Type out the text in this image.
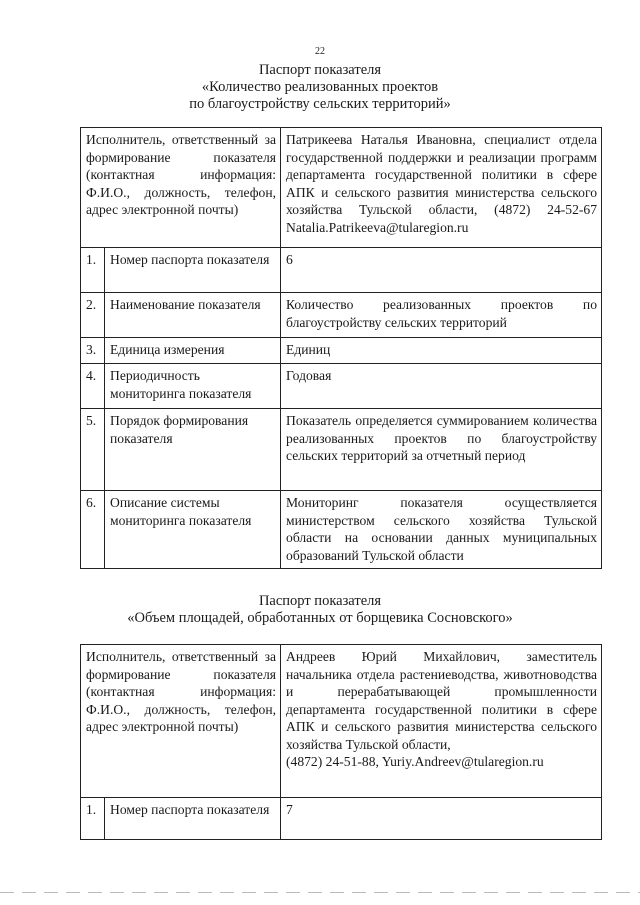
22
Паспорт показателя
«Количество реализованных проектов
по благоустройству сельских территорий»
Исполнитель, ответственный за формирование показателя (контактная информация: Ф.И.О., должность, телефон, адрес электронной почты)		Патрикеева Наталья Ивановна, специалист отдела государственной поддержки и реализации программ департамента государственной политики в сфере АПК и сельского развития министерства сельского хозяйства Тульской области, (4872) 24-52-67 Natalia.Patrikeeva@tularegion.ru
1.	Номер паспорта показателя	6
2.	Наименование показателя	Количество реализованных проектов по благоустройству сельских территорий
3.	Единица измерения	Единиц
4.	Периодичность мониторинга показателя	Годовая
5.	Порядок формирования показателя	Показатель определяется суммированием количества реализованных проектов по благоустройству сельских территорий за отчетный период
6.	Описание системы мониторинга показателя	Мониторинг показателя осуществляется министерством сельского хозяйства Тульской области на основании данных муниципальных образований Тульской области
Паспорт показателя
«Объем площадей, обработанных от борщевика Сосновского»
Исполнитель, ответственный за формирование показателя (контактная информация: Ф.И.О., должность, телефон, адрес электронной почты)		Андреев Юрий Михайлович, заместитель начальника отдела растениеводства, животноводства и перерабатывающей промышленности департамента государственной политики в сфере АПК и сельского развития министерства сельского хозяйства Тульской области,
(4872) 24-51-88, Yuriy.Andreev@tularegion.ru

1.	Номер паспорта показателя	7
